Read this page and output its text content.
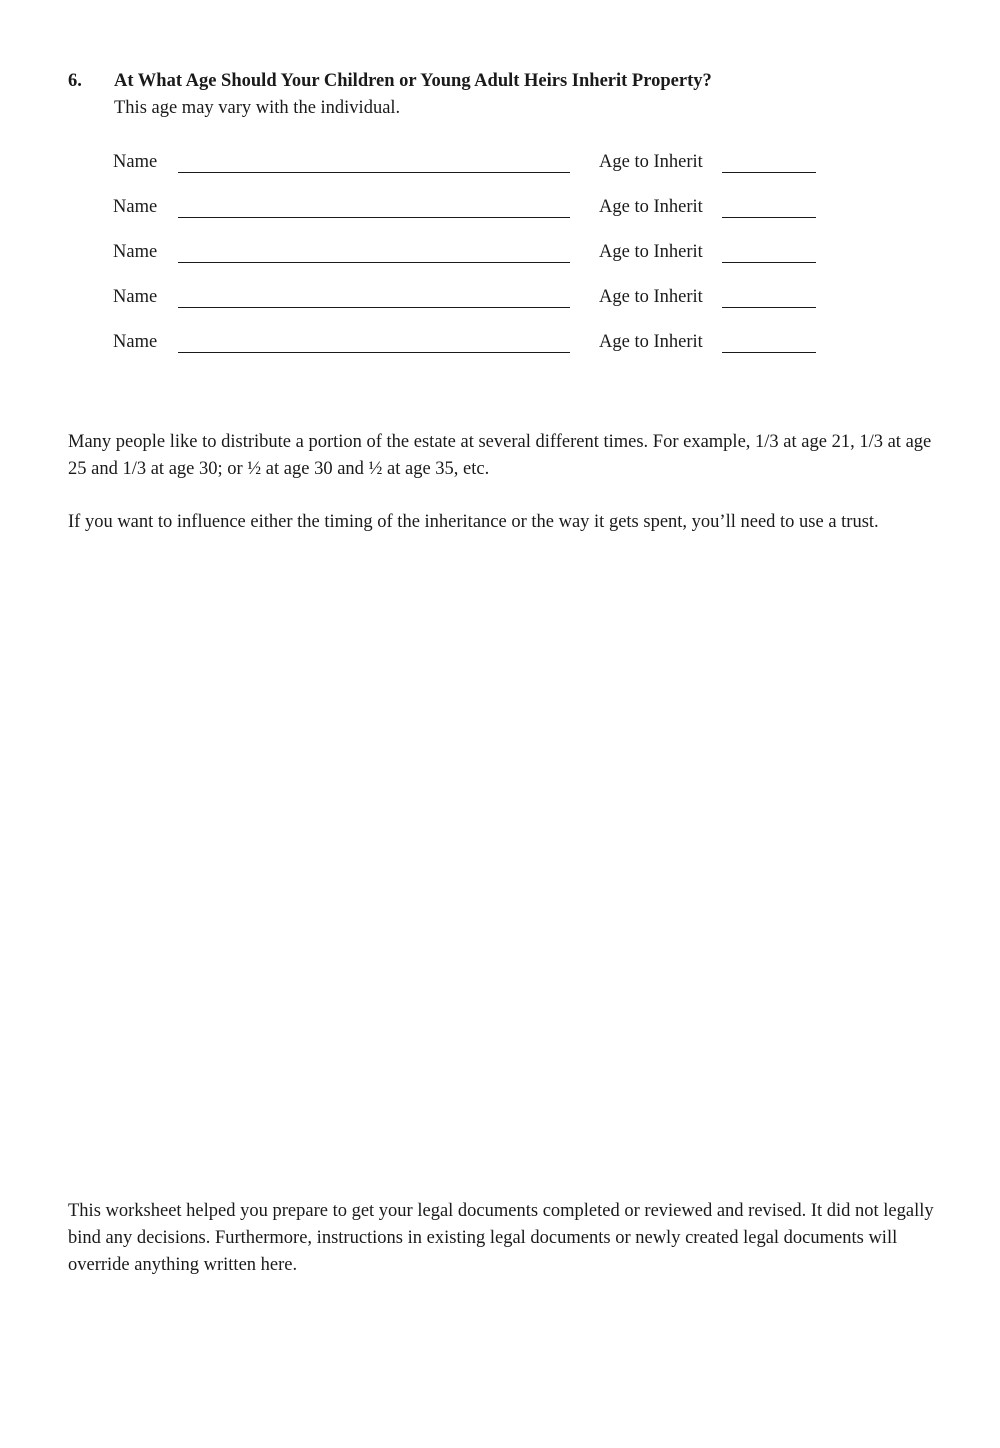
6. At What Age Should Your Children or Young Adult Heirs Inherit Property?
This age may vary with the individual.
Name	Age to Inherit
Name	Age to Inherit
Name	Age to Inherit
Name	Age to Inherit
Name	Age to Inherit

Many people like to distribute a portion of the estate at several different times. For example, 1/3 at age 21, 1/3 at age 25 and 1/3 at age 30; or ½ at age 30 and ½ at age 35, etc.

If you want to influence either the timing of the inheritance or the way it gets spent, you’ll need to use a trust.

This worksheet helped you prepare to get your legal documents completed or reviewed and revised. It did not legally bind any decisions. Furthermore, instructions in existing legal documents or newly created legal documents will override anything written here.
